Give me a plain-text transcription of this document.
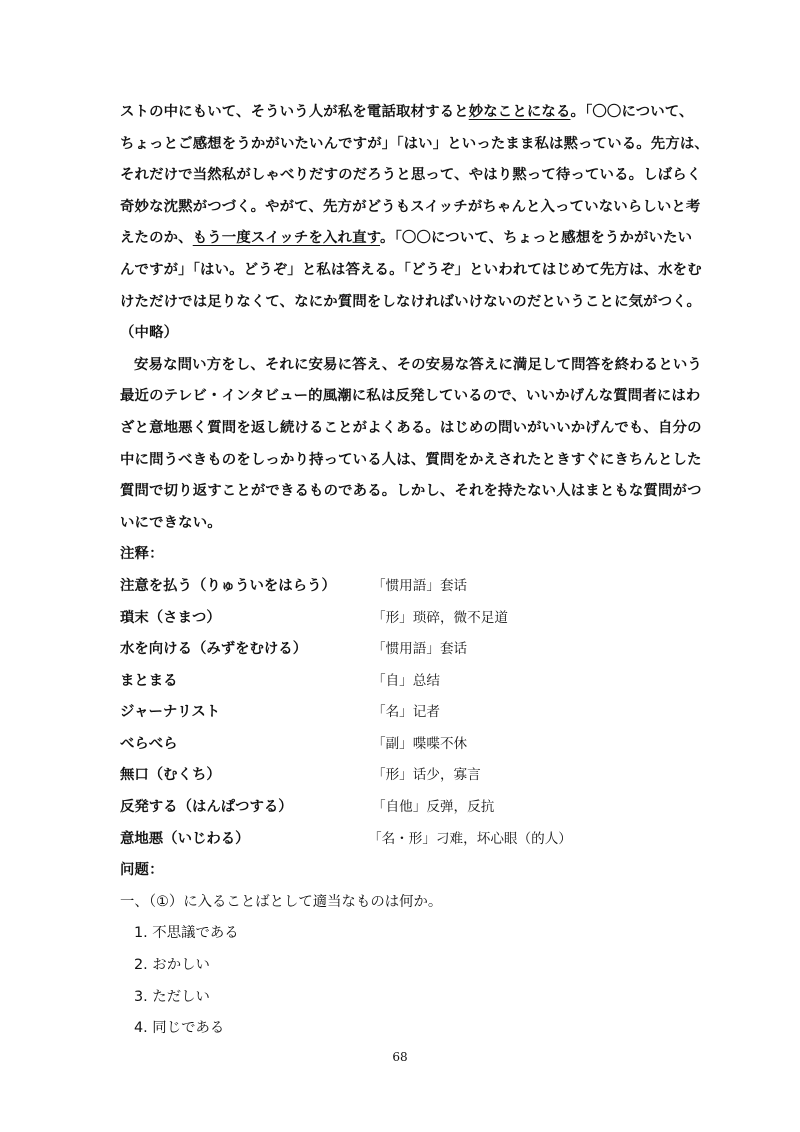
ストの中にもいて、そういう人が私を電話取材すると妙なことになる。「〇〇について、
ちょっとご感想をうかがいたいんですが」「はい」といったまま私は黙っている。先方は、
それだけで当然私がしゃべりだすのだろうと思って、やはり黙って待っている。しばらく
奇妙な沈黙がつづく。やがて、先方がどうもスイッチがちゃんと入っていないらしいと考
えたのか、もう一度スイッチを入れ直す。「〇〇について、ちょっと感想をうかがいたい
んですが」「はい。どうぞ」と私は答える。「どうぞ」といわれてはじめて先方は、水をむ
けただけでは足りなくて、なにか質問をしなければいけないのだということに気がつく。
（中略）
安易な問い方をし、それに安易に答え、その安易な答えに満足して問答を終わるという
最近のテレビ・インタビュー的風潮に私は反発しているので、いいかげんな質問者にはわ
ざと意地悪く質問を返し続けることがよくある。はじめの問いがいいかげんでも、自分の
中に問うべきものをしっかり持っている人は、質問をかえされたときすぐにきちんとした
質問で切り返すことができるものである。しかし、それを持たない人はまともな質問がつ
いにできない。
注释：
注意を払う（りゅういをはらう）	「惯用語」套话
瑣末（さまつ）	「形」琐碎，微不足道
水を向ける（みずをむける）	「惯用語」套话
まとまる	「自」总结
ジャーナリスト	「名」记者
べらべら	「副」喋喋不休
無口（むくち）	「形」话少，寡言
反発する（はんぱつする）	「自他」反弹，反抗
意地悪（いじわる）	「名・形」刁难，坏心眼（的人）
问题：
一、（①）に入ることばとして適当なものは何か。
1. 不思議である
2. おかしい
3. ただしい
4. 同じである
68
